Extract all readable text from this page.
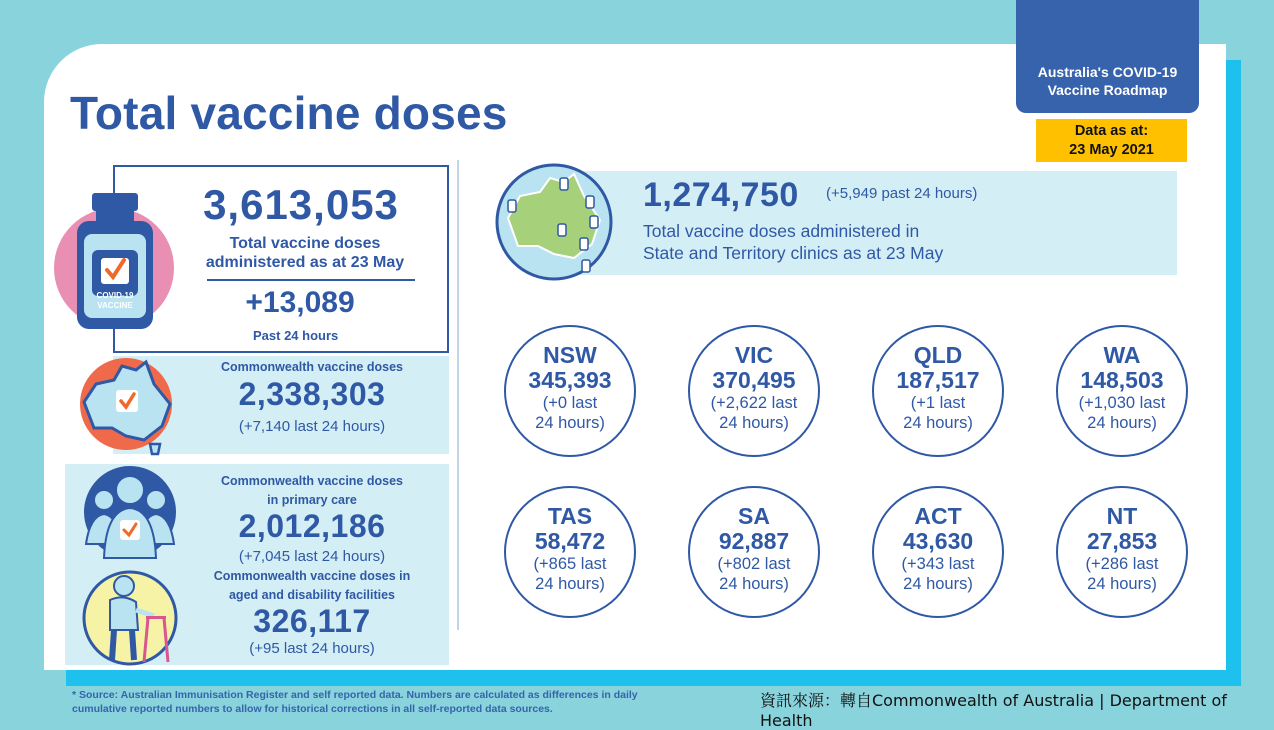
Total vaccine doses
Australia's COVID-19
Vaccine Roadmap
Data as at:
23 May 2021
3,613,053
Total vaccine doses
administered as at 23 May
+13,089
Past 24 hours
COVID-19
VACCINE
Commonwealth vaccine doses
2,338,303
(+7,140 last 24 hours)
Commonwealth vaccine doses
in primary care
2,012,186
(+7,045 last 24 hours)
Commonwealth vaccine doses in
aged and disability facilities
326,117
(+95 last 24 hours)
1,274,750 (+5,949 past 24 hours)
Total vaccine doses administered in
State and Territory clinics as at 23 May
NSW
345,393
(+0 last
24 hours)
VIC
370,495
(+2,622 last
24 hours)
QLD
187,517
(+1 last
24 hours)
WA
148,503
(+1,030 last
24 hours)
TAS
58,472
(+865 last
24 hours)
SA
92,887
(+802 last
24 hours)
ACT
43,630
(+343 last
24 hours)
NT
27,853
(+286 last
24 hours)
* Source: Australian Immunisation Register and self reported data. Numbers are calculated as differences in daily
cumulative reported numbers to allow for historical corrections in all self-reported data sources.	資訊來源：轉自Commonwealth of Australia | Department of Health
